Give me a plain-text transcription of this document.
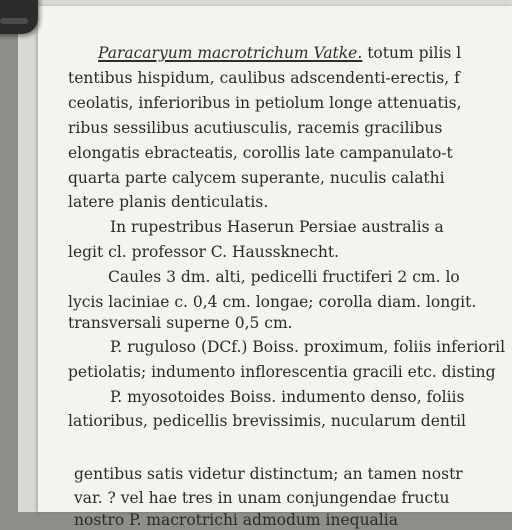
Paracaryum macrotrichum Vatke. totum pilis l
tentibus hispidum, caulibus adscendenti-erectis, f
ceolatis, inferioribus in petiolum longe attenuatis,
ribus sessilibus acutiusculis, racemis gracilibus
elongatis ebracteatis, corollis late campanulato-t
quarta parte calycem superante, nuculis calathi
latere planis denticulatis.
In rupestribus Haserun Persiae australis a
legit cl. professor C. Haussknecht.
Caules 3 dm. alti, pedicelli fructiferi 2 cm. lo
lycis laciniae c. 0,4 cm. longae; corolla diam. longit.
transversali superne 0,5 cm.
P. ruguloso (DCf.) Boiss. proximum, foliis inferioril
petiolatis; indumento inflorescentia gracili etc. disting
P. myosotoides Boiss. indumento denso, foliis
latioribus, pedicellis brevissimis, nucularum dentil
gentibus satis videtur distinctum; an tamen nostr
var. ? vel hae tres in unam conjungendae fructu
nostro P. macrotrichi admodum inequalia
